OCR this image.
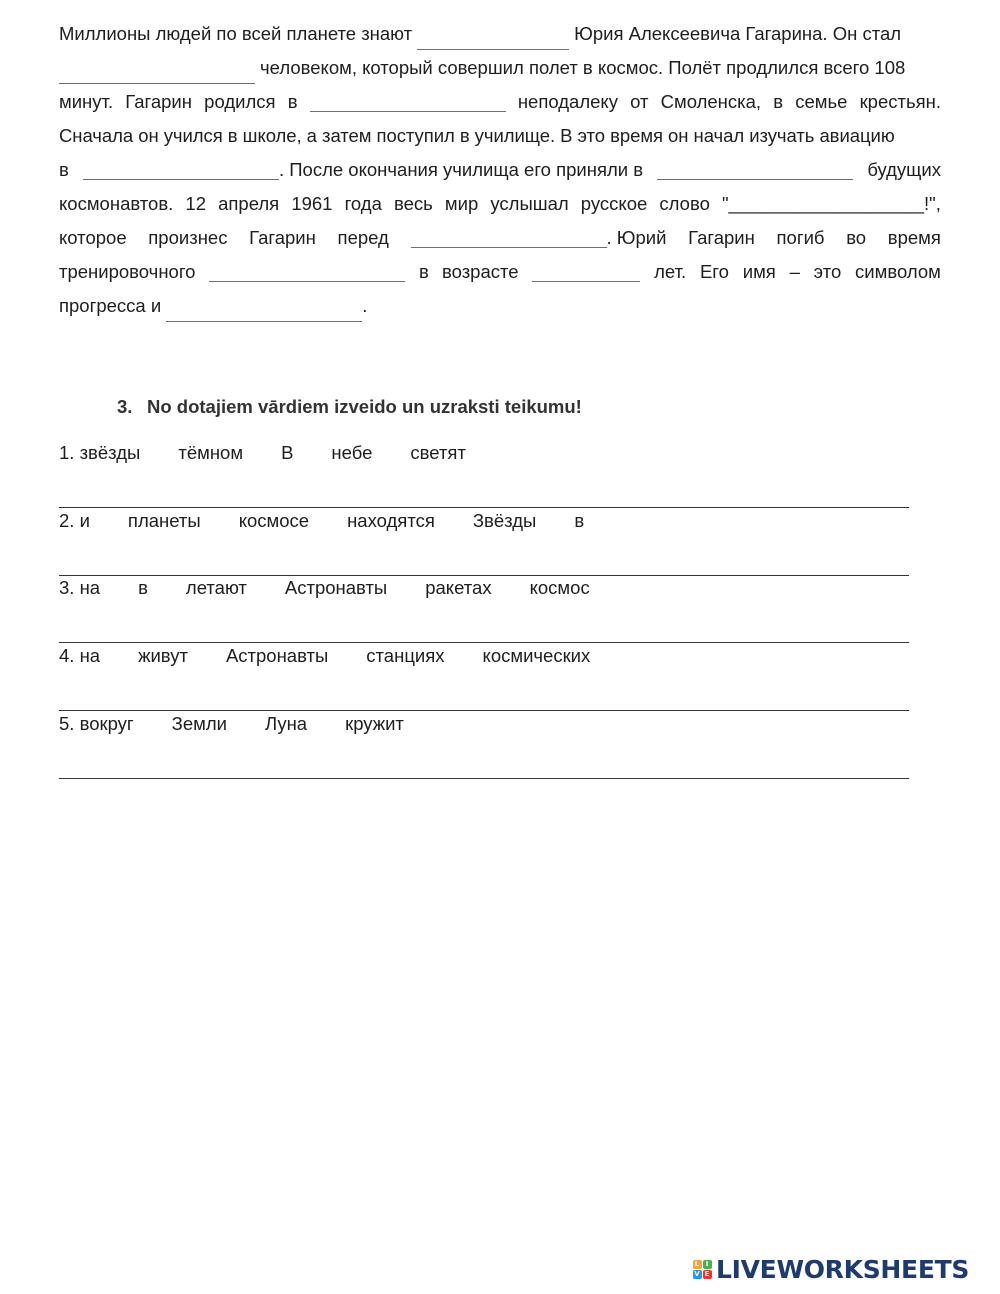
Миллионы людей по всей планете знают	Юрия Алексеевича Гагарина. Он стал
человеком, который совершил полет в космос. Полёт продлился всего 108
минут. Гагарин родился в	неподалеку от Смоленска, в семье крестьян.
Сначала он учился в школе, а затем поступил в училище. В это время он начал изучать авиацию
в	. После окончания училища его приняли в	будущих
космонавтов. 12 апреля 1961 года весь мир услышал русское слово "___________________!",
которое произнес Гагарин перед	. Юрий Гагарин погиб во время
тренировочного	в возрасте	лет. Его имя – это символом
прогресса и	.
3. No dotajiem vārdiem izveido un uzraksti teikumu!
1. звёзды тёмном В небе светят
2. и планеты космосе находятся Звёзды в
3. на в летают Астронавты ракетах космос
4. на живут Астронавты станциях космических
5. вокруг Земли Луна кружит
L I
V E LIVEWORKSHEETS
